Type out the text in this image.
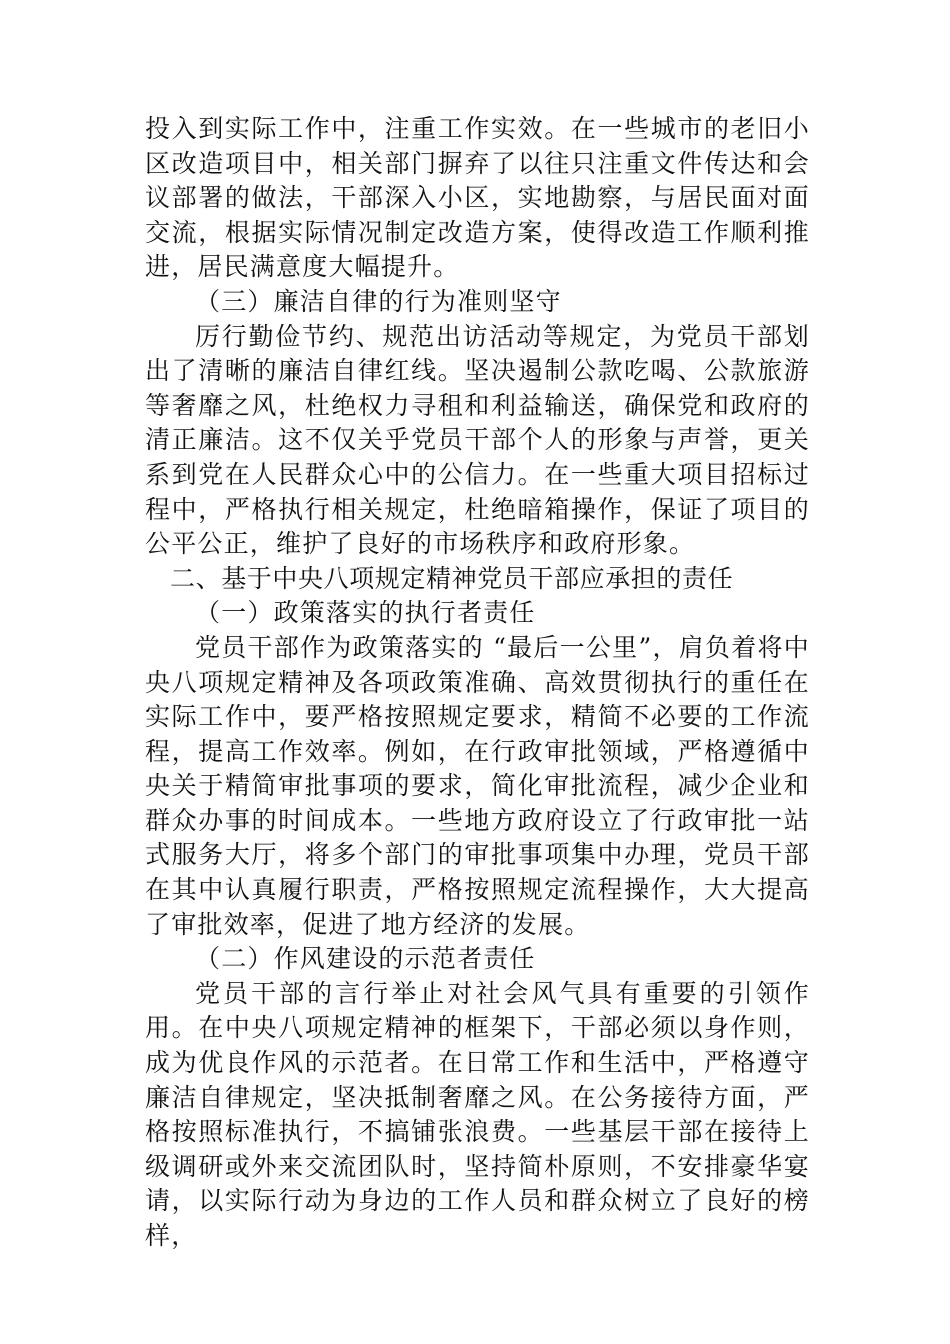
投入到实际工作中，注重工作实效。在一些城市的老旧小区改造项目中，相关部门摒弃了以往只注重文件传达和会议部署的做法，干部深入小区，实地勘察，与居民面对面交流，根据实际情况制定改造方案，使得改造工作顺利推进，居民满意度大幅提升。

（三）廉洁自律的行为准则坚守

厉行勤俭节约、规范出访活动等规定，为党员干部划出了清晰的廉洁自律红线。坚决遏制公款吃喝、公款旅游等奢靡之风，杜绝权力寻租和利益输送，确保党和政府的清正廉洁。这不仅关乎党员干部个人的形象与声誉，更关系到党在人民群众心中的公信力。在一些重大项目招标过程中，严格执行相关规定，杜绝暗箱操作，保证了项目的公平公正，维护了良好的市场秩序和政府形象。

二、基于中央八项规定精神党员干部应承担的责任

（一）政策落实的执行者责任

党员干部作为政策落实的 “最后一公里”，肩负着将中央八项规定精神及各项政策准确、高效贯彻执行的重任在实际工作中，要严格按照规定要求，精简不必要的工作流程，提高工作效率。例如，在行政审批领域，严格遵循中央关于精简审批事项的要求，简化审批流程，减少企业和群众办事的时间成本。一些地方政府设立了行政审批一站式服务大厅，将多个部门的审批事项集中办理，党员干部在其中认真履行职责，严格按照规定流程操作，大大提高了审批效率，促进了地方经济的发展。

（二）作风建设的示范者责任

党员干部的言行举止对社会风气具有重要的引领作用。在中央八项规定精神的框架下，干部必须以身作则，成为优良作风的示范者。在日常工作和生活中，严格遵守廉洁自律规定，坚决抵制奢靡之风。在公务接待方面，严格按照标准执行，不搞铺张浪费。一些基层干部在接待上级调研或外来交流团队时，坚持简朴原则，不安排豪华宴请，以实际行动为身边的工作人员和群众树立了良好的榜样，
